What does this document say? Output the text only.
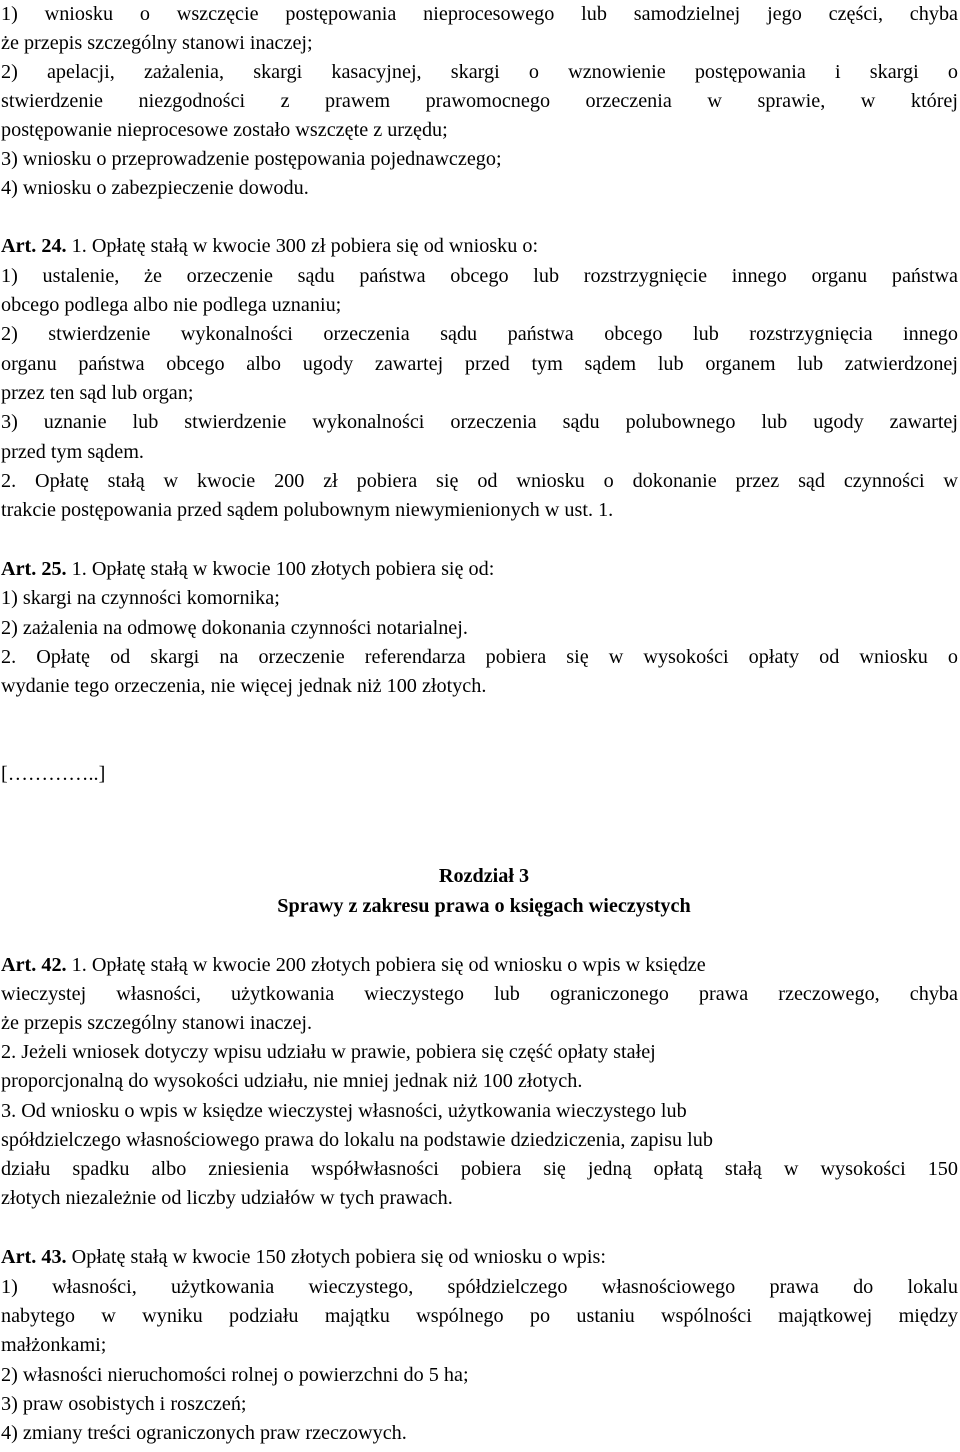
1) wniosku o wszczęcie postępowania nieprocesowego lub samodzielnej jego części, chyba
że przepis szczególny stanowi inaczej;
2) apelacji, zażalenia, skargi kasacyjnej, skargi o wznowienie postępowania i skargi o
stwierdzenie niezgodności z prawem prawomocnego orzeczenia w sprawie, w której
postępowanie nieprocesowe zostało wszczęte z urzędu;
3) wniosku o przeprowadzenie postępowania pojednawczego;
4) wniosku o zabezpieczenie dowodu.
Art. 24. 1. Opłatę stałą w kwocie 300 zł pobiera się od wniosku o:
1) ustalenie, że orzeczenie sądu państwa obcego lub rozstrzygnięcie innego organu państwa
obcego podlega albo nie podlega uznaniu;
2) stwierdzenie wykonalności orzeczenia sądu państwa obcego lub rozstrzygnięcia innego
organu państwa obcego albo ugody zawartej przed tym sądem lub organem lub zatwierdzonej
przez ten sąd lub organ;
3) uznanie lub stwierdzenie wykonalności orzeczenia sądu polubownego lub ugody zawartej
przed tym sądem.
2. Opłatę stałą w kwocie 200 zł pobiera się od wniosku o dokonanie przez sąd czynności w
trakcie postępowania przed sądem polubownym niewymienionych w ust. 1.
Art. 25. 1. Opłatę stałą w kwocie 100 złotych pobiera się od:
1) skargi na czynności komornika;
2) zażalenia na odmowę dokonania czynności notarialnej.
2. Opłatę od skargi na orzeczenie referendarza pobiera się w wysokości opłaty od wniosku o
wydanie tego orzeczenia, nie więcej jednak niż 100 złotych.
[…………..]
Rozdział 3
Sprawy z zakresu prawa o księgach wieczystych
Art. 42. 1. Opłatę stałą w kwocie 200 złotych pobiera się od wniosku o wpis w księdze
wieczystej własności, użytkowania wieczystego lub ograniczonego prawa rzeczowego, chyba
że przepis szczególny stanowi inaczej.
2. Jeżeli wniosek dotyczy wpisu udziału w prawie, pobiera się część opłaty stałej
proporcjonalną do wysokości udziału, nie mniej jednak niż 100 złotych.
3. Od wniosku o wpis w księdze wieczystej własności, użytkowania wieczystego lub
spółdzielczego własnościowego prawa do lokalu na podstawie dziedziczenia, zapisu lub
działu spadku albo zniesienia współwłasności pobiera się jedną opłatą stałą w wysokości 150
złotych niezależnie od liczby udziałów w tych prawach.
Art. 43. Opłatę stałą w kwocie 150 złotych pobiera się od wniosku o wpis:
1) własności, użytkowania wieczystego, spółdzielczego własnościowego prawa do lokalu
nabytego w wyniku podziału majątku wspólnego po ustaniu wspólności majątkowej między
małżonkami;
2) własności nieruchomości rolnej o powierzchni do 5 ha;
3) praw osobistych i roszczeń;
4) zmiany treści ograniczonych praw rzeczowych.
